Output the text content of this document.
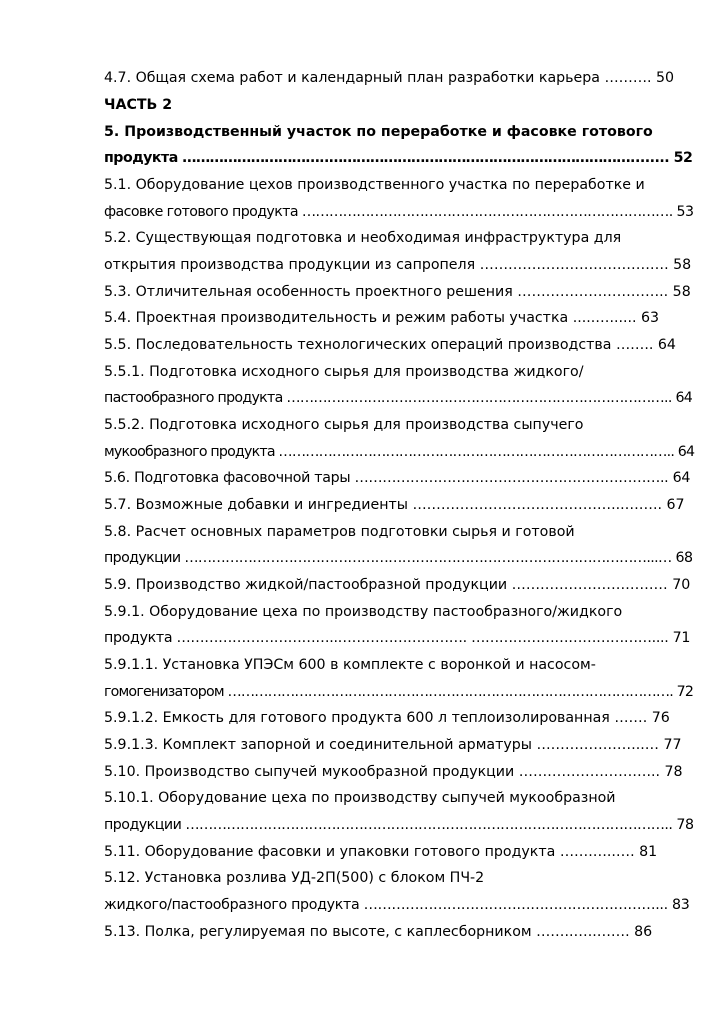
4.7. Общая схема работ и календарный план разработки карьера ………. 50
ЧАСТЬ 2
5. Производственный участок по переработке и фасовке готового
продукта …………………………..…………………………………………………………........ 52
5.1. Оборудование цехов производственного участка по переработке и
фасовке готового продукта ………………………………………………………………………. 53
5.2. Существующая подготовка и необходимая инфраструктура для
открытия производства продукции из сапропеля …………………………………. 58
5.3. Отличительная особенность проектного решения ………………………….. 58
5.4. Проектная производительность и режим работы участка .....…...... 63
5.5. Последовательность технологических операций производства …….. 64
5.5.1. Подготовка исходного сырья для производства жидкого/
пастообразного продукта ………………………………………………………………………….. 64
5.5.2. Подготовка исходного сырья для производства сыпучего
мукообразного продукта …………………………………………………………………………….. 64
5.6. Подготовка фасовочной тары ………………………………………………………….. 64
5.7. Возможные добавки и ингредиенты ……………………………………...…….. 67
5.8. Расчет основных параметров подготовки сырья и готовой
продукции …………………………………………………………………………………………...… 68
5.9. Производство жидкой/пастообразной продукции …………………………… 70
5.9.1. Оборудование цеха по производству пастообразного/жидкого
продукта ……………………………..………………………. ………………………………….... 71
5.9.1.1. Установка УПЭСм 600 в комплекте с воронкой и насосом-
гомогенизатором ………………………………………………………………………………………. 72
5.9.1.2. Емкость для готового продукта 600 л теплоизолированная ……. 76
5.9.1.3. Комплект запорной и соединительной арматуры …………………..… 77
5.10. Производство сыпучей мукообразной продукции ………………………... 78
5.10.1. Оборудование цеха по производству сыпучей мукообразной
продукции …………………………………………………………………………………………….. 78
5.11. Оборудование фасовки и упаковки готового продукта …….…..…. 81
5.12. Установка розлива УД-2П(500) с блоком ПЧ-2
жидкого/пастообразного продукта ………………………………………………………... 83
5.13. Полка, регулируемая по высоте, с каплесборником ……..…..……. 86
